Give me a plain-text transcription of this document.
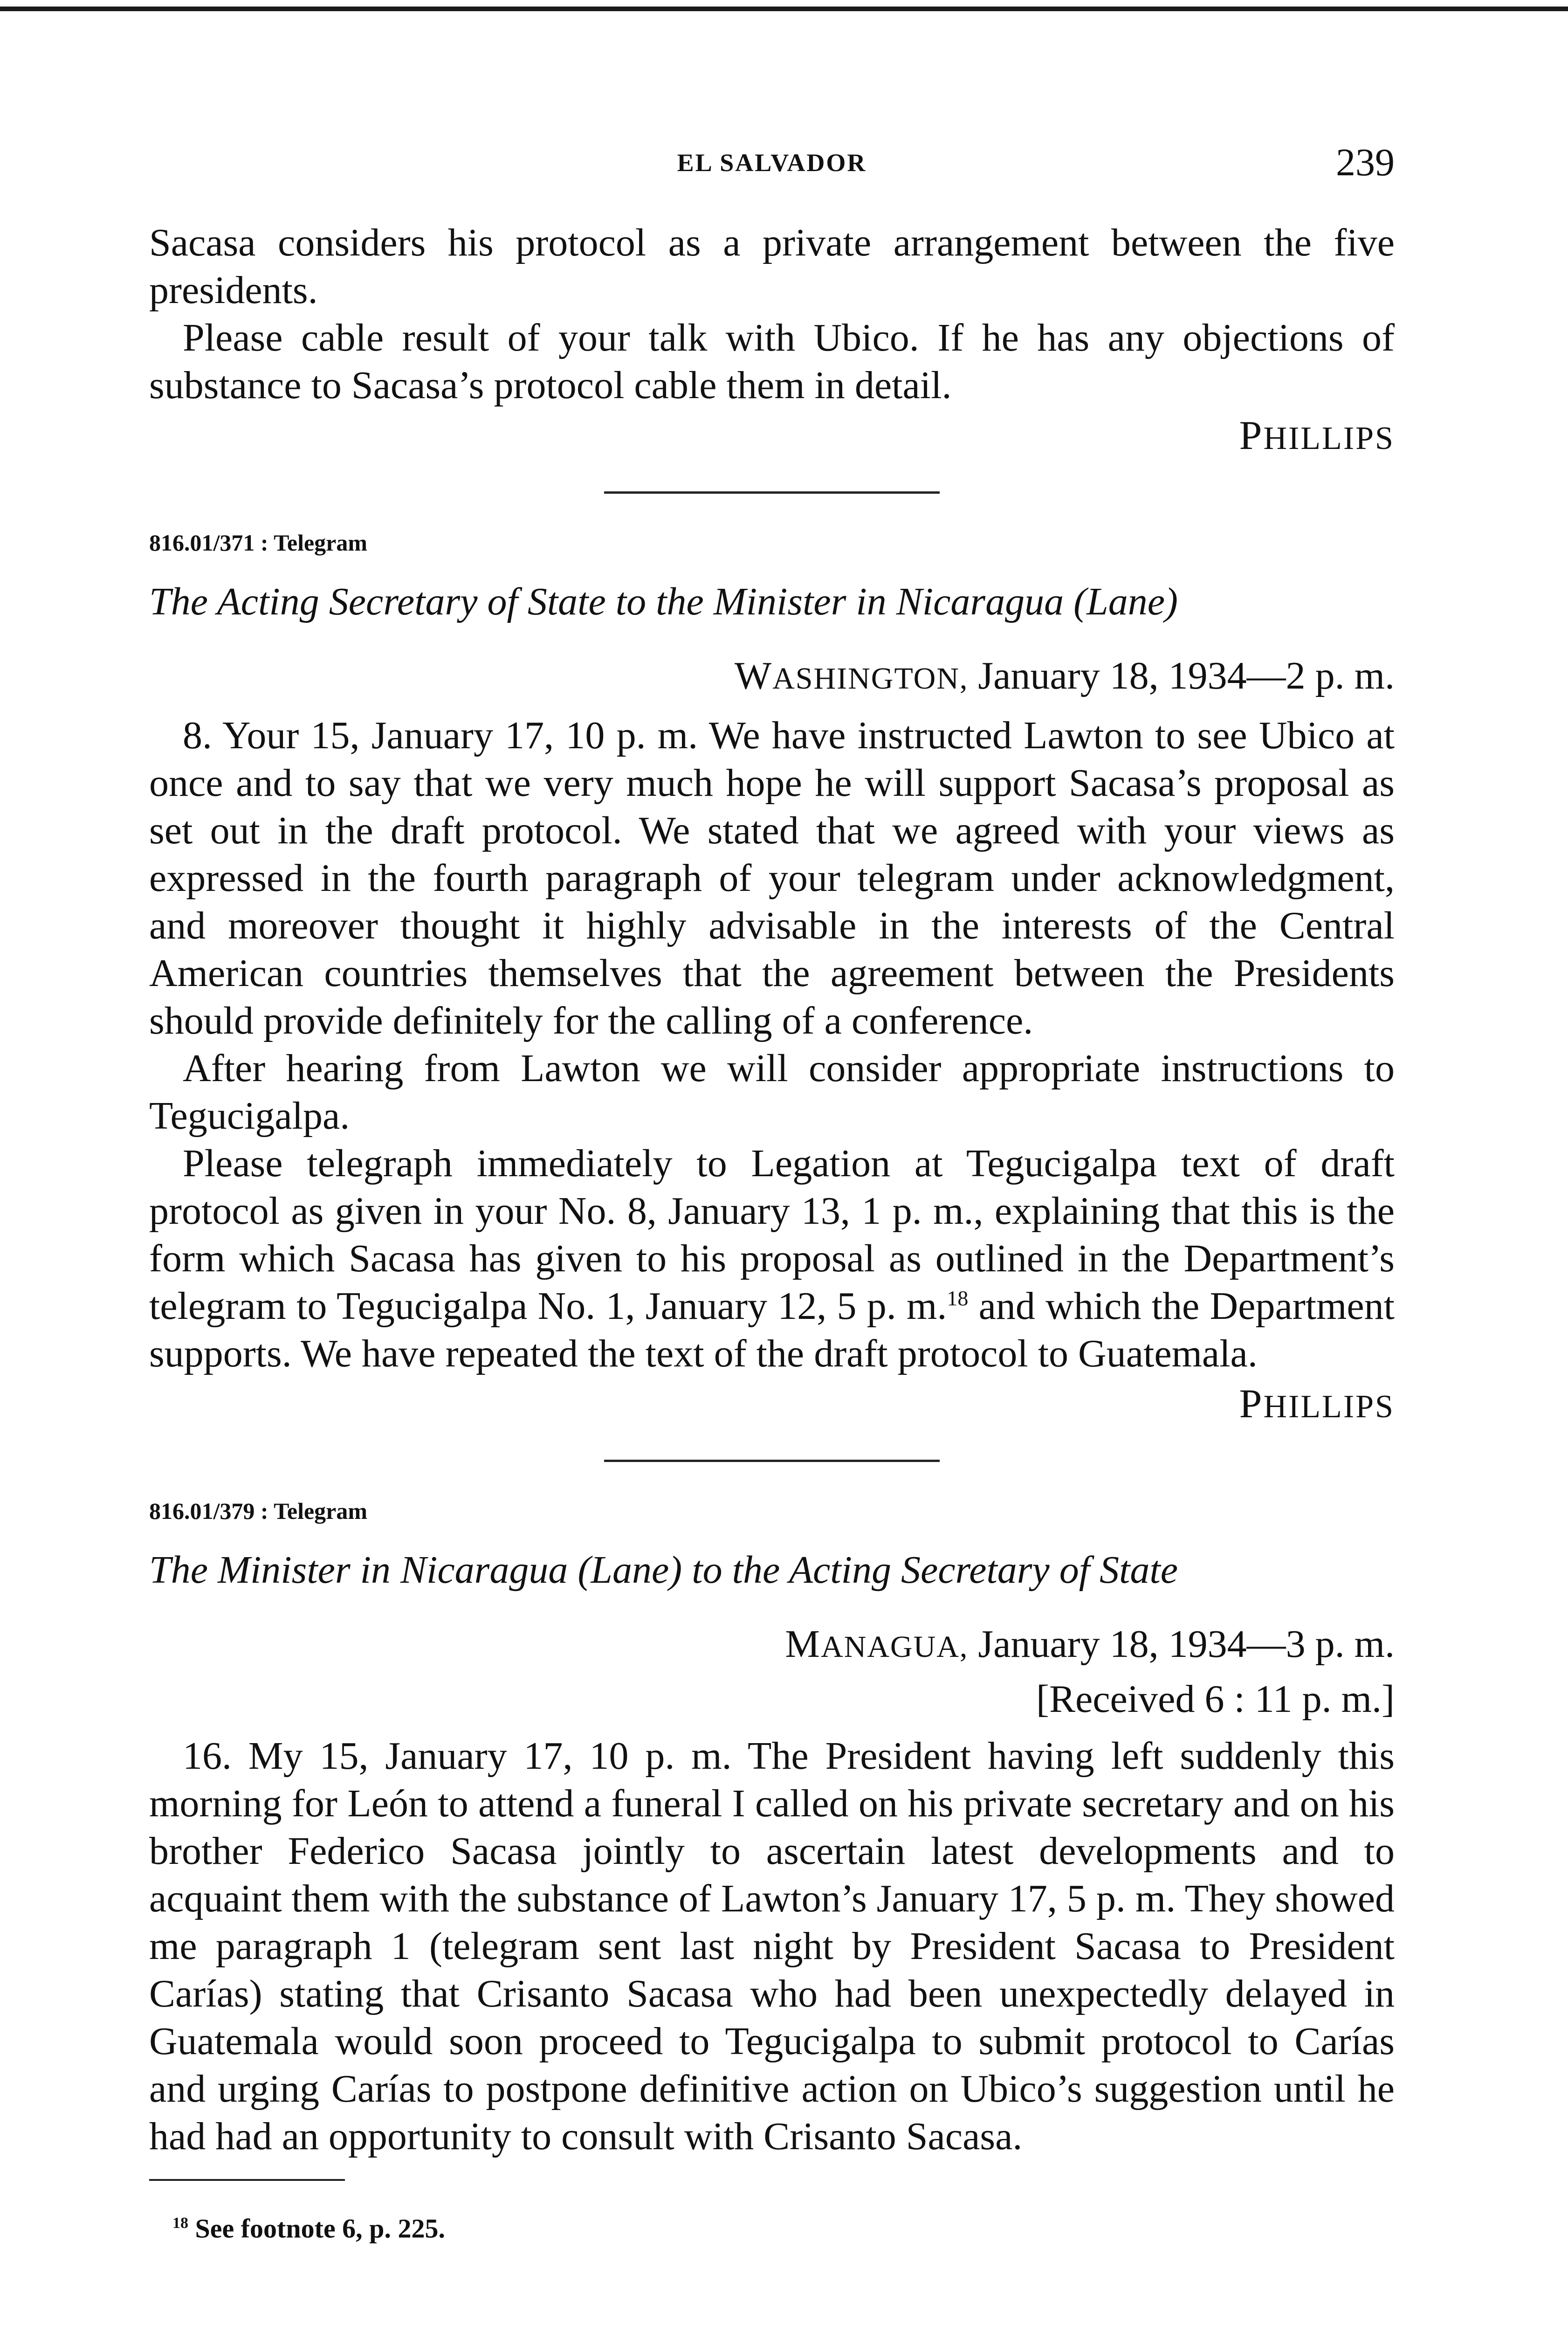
EL SALVADOR	239

Sacasa considers his protocol as a private arrangement between the five presidents.

Please cable result of your talk with Ubico. If he has any objections of substance to Sacasa’s protocol cable them in detail.

PHILLIPS

816.01/371 : Telegram

The Acting Secretary of State to the Minister in Nicaragua (Lane)

WASHINGTON, January 18, 1934—2 p. m.

8. Your 15, January 17, 10 p. m. We have instructed Lawton to see Ubico at once and to say that we very much hope he will support Sacasa’s proposal as set out in the draft protocol. We stated that we agreed with your views as expressed in the fourth paragraph of your telegram under acknowledgment, and moreover thought it highly advisable in the interests of the Central American countries themselves that the agreement between the Presidents should provide definitely for the calling of a conference.

After hearing from Lawton we will consider appropriate instructions to Tegucigalpa.

Please telegraph immediately to Legation at Tegucigalpa text of draft protocol as given in your No. 8, January 13, 1 p. m., explaining that this is the form which Sacasa has given to his proposal as outlined in the Department’s telegram to Tegucigalpa No. 1, January 12, 5 p. m.$^{18}$ and which the Department supports. We have repeated the text of the draft protocol to Guatemala.

PHILLIPS

816.01/379 : Telegram

The Minister in Nicaragua (Lane) to the Acting Secretary of State

MANAGUA, January 18, 1934—3 p. m.

[Received 6 : 11 p. m.]

16. My 15, January 17, 10 p. m. The President having left suddenly this morning for León to attend a funeral I called on his private secretary and on his brother Federico Sacasa jointly to ascertain latest developments and to acquaint them with the substance of Lawton’s January 17, 5 p. m. They showed me paragraph 1 (telegram sent last night by President Sacasa to President Carías) stating that Crisanto Sacasa who had been unexpectedly delayed in Guatemala would soon proceed to Tegucigalpa to submit protocol to Carías and urging Carías to postpone definitive action on Ubico’s suggestion until he had had an opportunity to consult with Crisanto Sacasa.

$^{18}$ See footnote 6, p. 225.
